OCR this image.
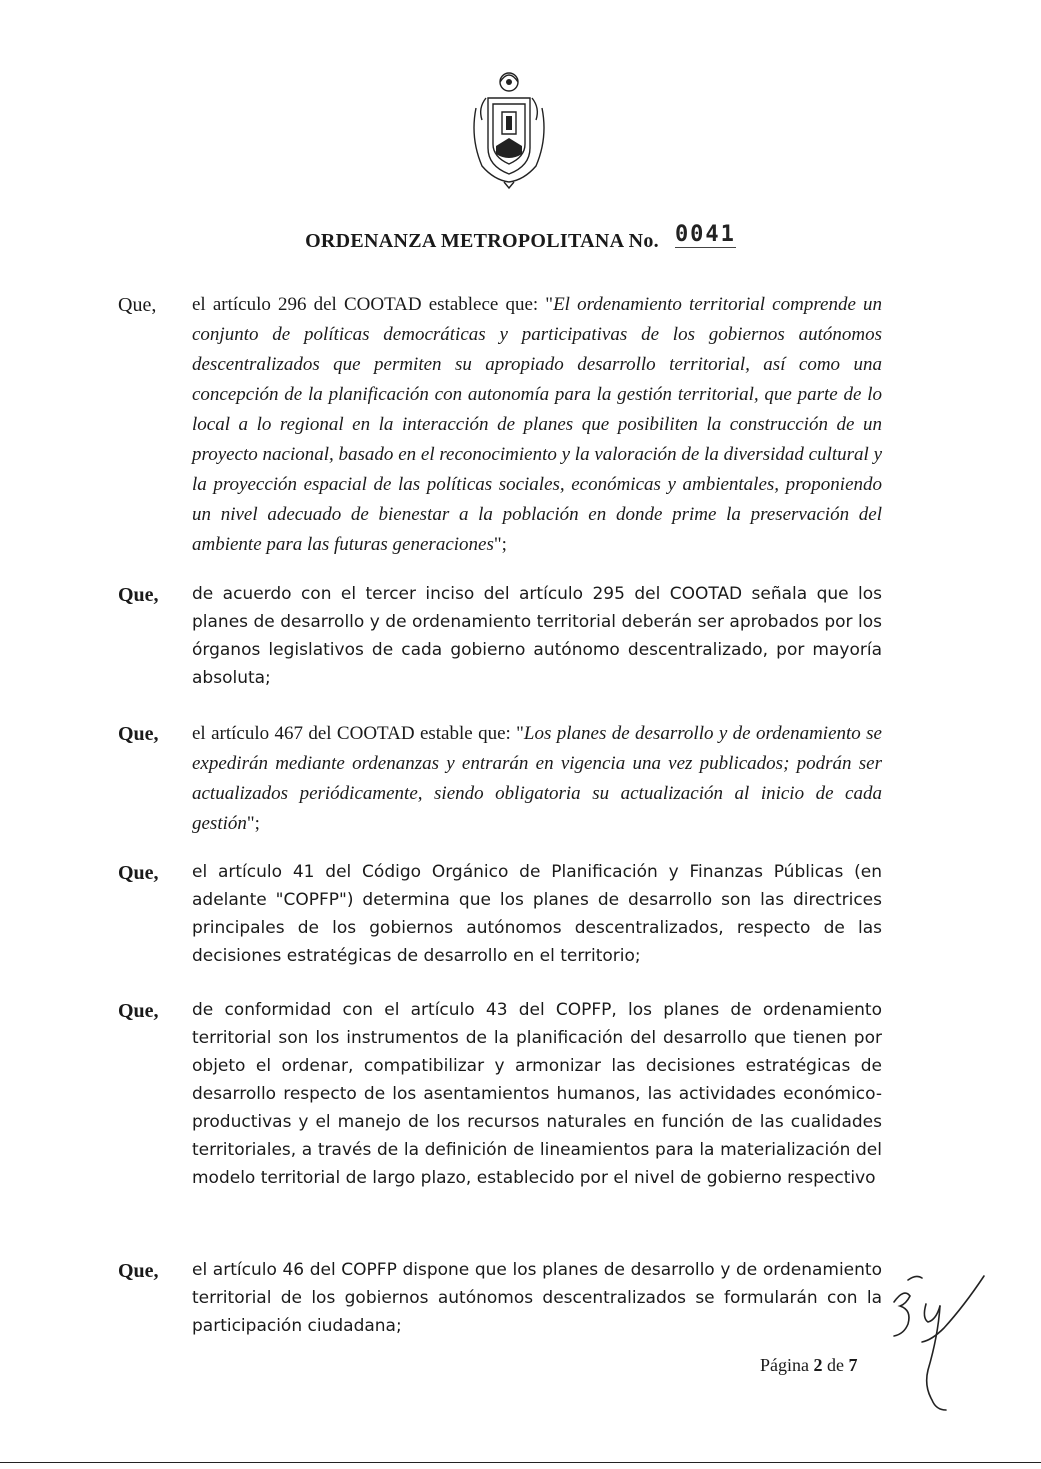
ORDENANZA METROPOLITANA No. 0041
Que, el artículo 296 del COOTAD establece que: "El ordenamiento territorial comprende un conjunto de políticas democráticas y participativas de los gobiernos autónomos descentralizados que permiten su apropiado desarrollo territorial, así como una concepción de la planificación con autonomía para la gestión territorial, que parte de lo local a lo regional en la interacción de planes que posibiliten la construcción de un proyecto nacional, basado en el reconocimiento y la valoración de la diversidad cultural y la proyección espacial de las políticas sociales, económicas y ambientales, proponiendo un nivel adecuado de bienestar a la población en donde prime la preservación del ambiente para las futuras generaciones";
Que, de acuerdo con el tercer inciso del artículo 295 del COOTAD señala que los planes de desarrollo y de ordenamiento territorial deberán ser aprobados por los órganos legislativos de cada gobierno autónomo descentralizado, por mayoría absoluta;
Que, el artículo 467 del COOTAD estable que: "Los planes de desarrollo y de ordenamiento se expedirán mediante ordenanzas y entrarán en vigencia una vez publicados; podrán ser actualizados periódicamente, siendo obligatoria su actualización al inicio de cada gestión";
Que, el artículo 41 del Código Orgánico de Planificación y Finanzas Públicas (en adelante "COPFP") determina que los planes de desarrollo son las directrices principales de los gobiernos autónomos descentralizados, respecto de las decisiones estratégicas de desarrollo en el territorio;
Que, de conformidad con el artículo 43 del COPFP, los planes de ordenamiento territorial son los instrumentos de la planificación del desarrollo que tienen por objeto el ordenar, compatibilizar y armonizar las decisiones estratégicas de desarrollo respecto de los asentamientos humanos, las actividades económico-productivas y el manejo de los recursos naturales en función de las cualidades territoriales, a través de la definición de lineamientos para la materialización del modelo territorial de largo plazo, establecido por el nivel de gobierno respectivo
Que, el artículo 46 del COPFP dispone que los planes de desarrollo y de ordenamiento territorial de los gobiernos autónomos descentralizados se formularán con la participación ciudadana;
Página 2 de 7
